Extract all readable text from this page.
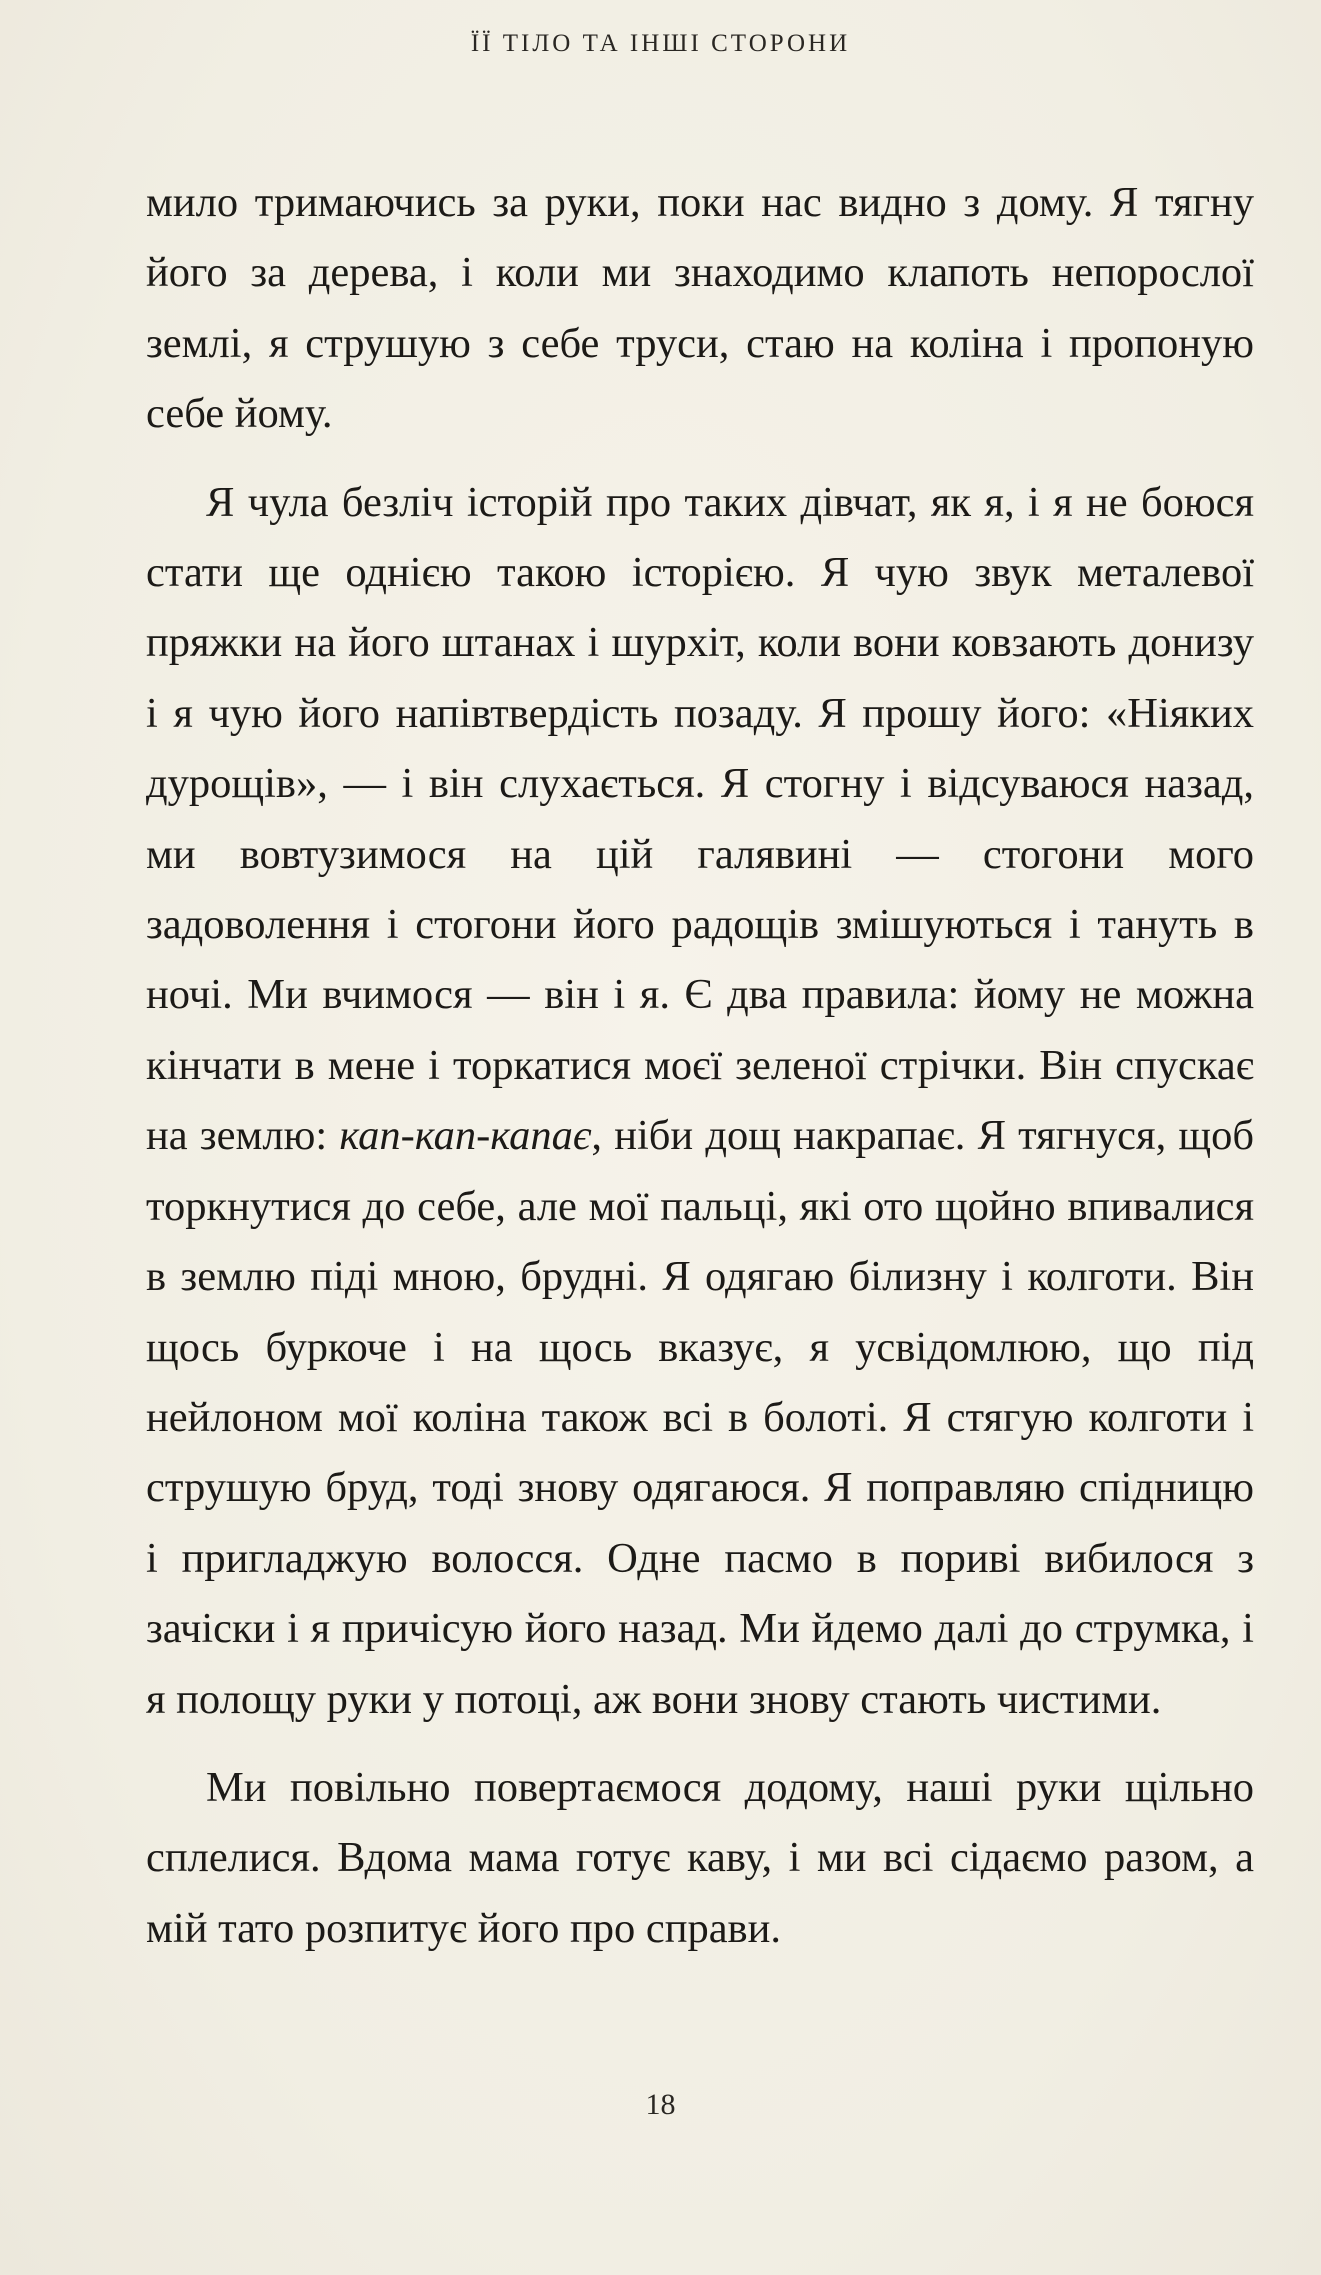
ЇЇ ТІЛО ТА ІНШІ СТОРОНИ

мило тримаючись за руки, поки нас видно з дому. Я тягну його за дерева, і коли ми знаходимо клапоть непорослої землі, я струшую з себе труси, стаю на коліна і пропоную себе йому.

Я чула безліч історій про таких дівчат, як я, і я не боюся стати ще однією такою історією. Я чую звук металевої пряжки на його штанах і шурхіт, коли вони ковзають донизу і я чую його напівтвердість позаду. Я прошу його: «Ніяких дурощів», — і він слухається. Я стогну і відсуваюся назад, ми вовтузимося на цій галявині — стогони мого задоволення і стогони його радощів змішуються і тануть в ночі. Ми вчимося — він і я. Є два правила: йому не можна кінчати в мене і торкатися моєї зеленої стрічки. Він спускає на землю: кап-кап-капає, ніби дощ накрапає. Я тягнуся, щоб торкнутися до себе, але мої пальці, які ото щойно впивалися в землю піді мною, брудні. Я одягаю білизну і колготи. Він щось буркоче і на щось вказує, я усвідомлюю, що під нейлоном мої коліна також всі в болоті. Я стягую колготи і струшую бруд, тоді знову одягаюся. Я поправляю спідницю і пригладжую волосся. Одне пасмо в пориві вибилося з зачіски і я причісую його назад. Ми йдемо далі до струмка, і я полощу руки у потоці, аж вони знову стають чистими.

Ми повільно повертаємося додому, наші руки щільно сплелися. Вдома мама готує каву, і ми всі сідаємо разом, а мій тато розпитує його про справи.

18
